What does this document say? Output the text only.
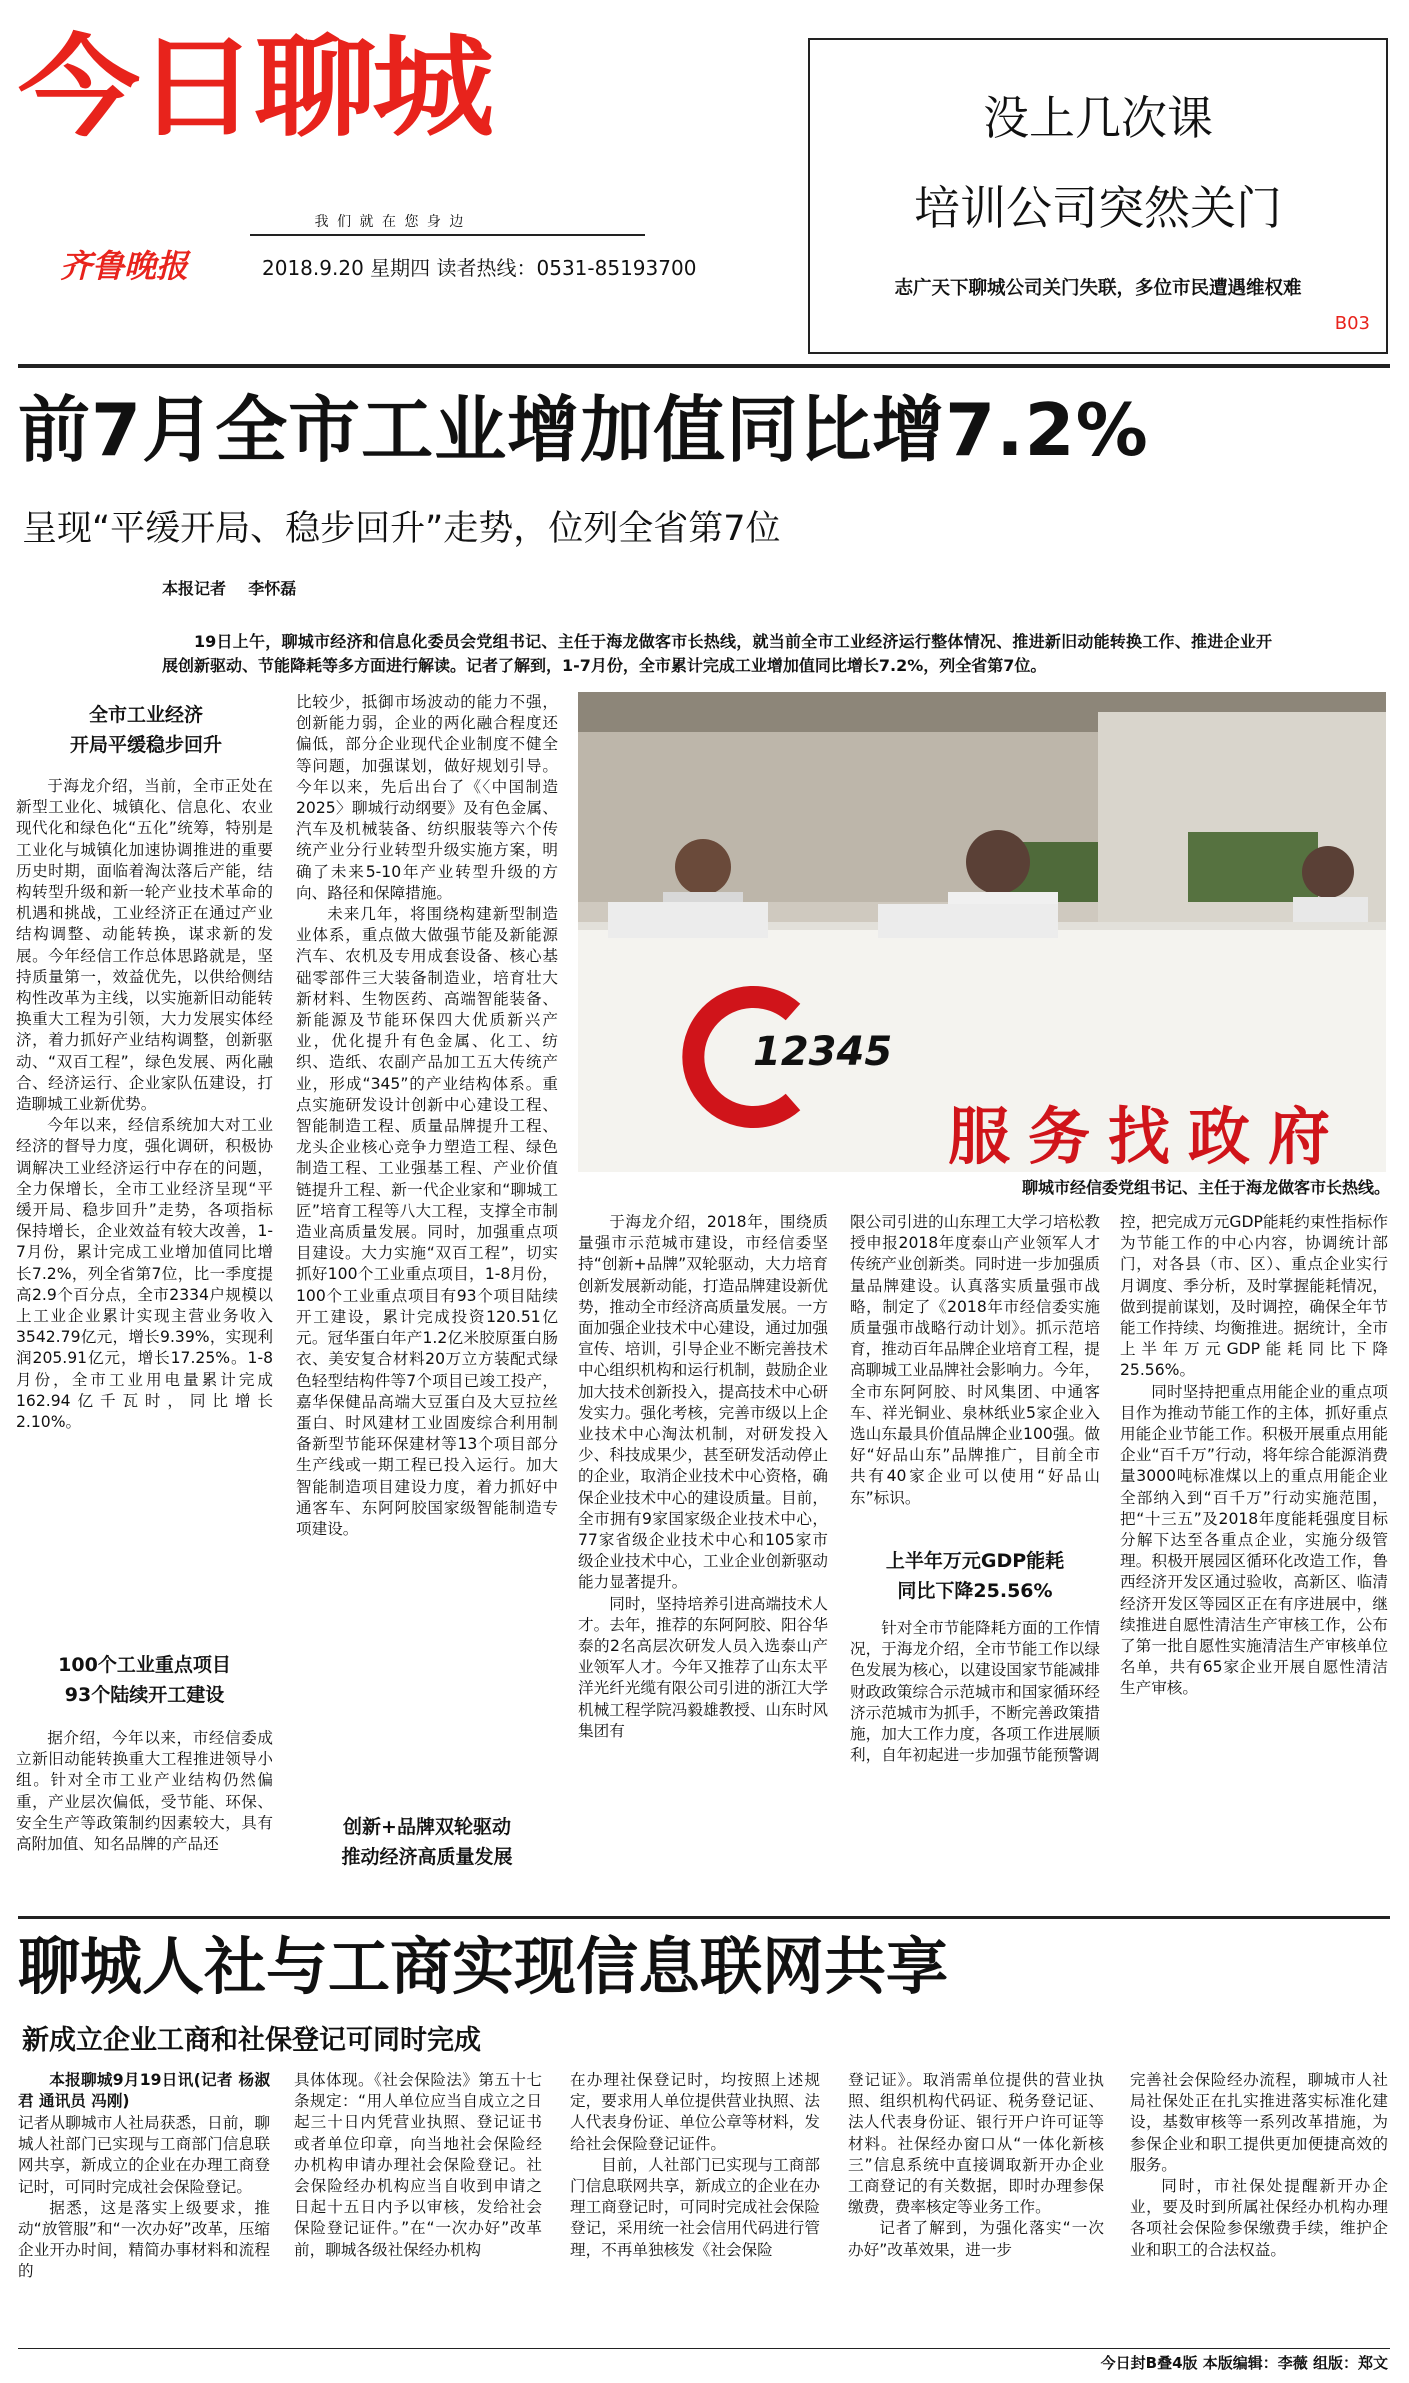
今日聊城
我 们 就 在 您 身 边
齐鲁晚报	2018.9.20 星期四 读者热线：0531-85193700
没上几次课
培训公司突然关门
志广天下聊城公司关门失联，多位市民遭遇维权难
B03
前7月全市工业增加值同比增7.2%
呈现“平缓开局、稳步回升”走势，位列全省第7位
本报记者    李怀磊
19日上午，聊城市经济和信息化委员会党组书记、主任于海龙做客市长热线，就当前全市工业经济运行整体情况、推进新旧动能转换工作、推进企业开展创新驱动、节能降耗等多方面进行解读。记者了解到，1-7月份，全市累计完成工业增加值同比增长7.2%，列全省第7位。
12345
服务找政府
聊城市经信委党组书记、主任于海龙做客市长热线。
全市工业经济
开局平缓稳步回升

于海龙介绍，当前，全市正处在新型工业化、城镇化、信息化、农业现代化和绿色化“五化”统筹，特别是工业化与城镇化加速协调推进的重要历史时期，面临着淘汰落后产能，结构转型升级和新一轮产业技术革命的机遇和挑战，工业经济正在通过产业结构调整、动能转换，谋求新的发展。今年经信工作总体思路就是，坚持质量第一，效益优先，以供给侧结构性改革为主线，以实施新旧动能转换重大工程为引领，大力发展实体经济，着力抓好产业结构调整，创新驱动、“双百工程”，绿色发展、两化融合、经济运行、企业家队伍建设，打造聊城工业新优势。

今年以来，经信系统加大对工业经济的督导力度，强化调研，积极协调解决工业经济运行中存在的问题，全力保增长，全市工业经济呈现“平缓开局、稳步回升”走势，各项指标保持增长，企业效益有较大改善，1-7月份，累计完成工业增加值同比增长7.2%，列全省第7位，比一季度提高2.9个百分点，全市2334户规模以上工业企业累计实现主营业务收入3542.79亿元，增长9.39%，实现利润205.91亿元，增长17.25%。1-8月份，全市工业用电量累计完成162.94亿千瓦时，同比增长2.10%。

100个工业重点项目
93个陆续开工建设

据介绍，今年以来，市经信委成立新旧动能转换重大工程推进领导小组。针对全市工业产业结构仍然偏重，产业层次偏低，受节能、环保、安全生产等政策制约因素较大，具有高附加值、知名品牌的产品还

比较少，抵御市场波动的能力不强，创新能力弱，企业的两化融合程度还偏低，部分企业现代企业制度不健全等问题，加强谋划，做好规划引导。今年以来，先后出台了《〈中国制造2025〉聊城行动纲要》及有色金属、汽车及机械装备、纺织服装等六个传统产业分行业转型升级实施方案，明确了未来5-10年产业转型升级的方向、路径和保障措施。

未来几年，将围绕构建新型制造业体系，重点做大做强节能及新能源汽车、农机及专用成套设备、核心基础零部件三大装备制造业，培育壮大新材料、生物医药、高端智能装备、新能源及节能环保四大优质新兴产业，优化提升有色金属、化工、纺织、造纸、农副产品加工五大传统产业，形成“345”的产业结构体系。重点实施研发设计创新中心建设工程、智能制造工程、质量品牌提升工程、龙头企业核心竞争力塑造工程、绿色制造工程、工业强基工程、产业价值链提升工程、新一代企业家和“聊城工匠”培育工程等八大工程，支撑全市制造业高质量发展。同时，加强重点项目建设。大力实施“双百工程”，切实抓好100个工业重点项目，1-8月份，100个工业重点项目有93个项目陆续开工建设，累计完成投资120.51亿元。冠华蛋白年产1.2亿米胶原蛋白肠衣、美安复合材料20万立方装配式绿色轻型结构件等7个项目已竣工投产，嘉华保健品高端大豆蛋白及大豆拉丝蛋白、时风建材工业固废综合利用制备新型节能环保建材等13个项目部分生产线或一期工程已投入运行。加大智能制造项目建设力度，着力抓好中通客车、东阿阿胶国家级智能制造专项建设。

创新+品牌双轮驱动
推动经济高质量发展

于海龙介绍，2018年，围绕质量强市示范城市建设，市经信委坚持“创新+品牌”双轮驱动，大力培育创新发展新动能，打造品牌建设新优势，推动全市经济高质量发展。一方面加强企业技术中心建设，通过加强宣传、培训，引导企业不断完善技术中心组织机构和运行机制，鼓励企业加大技术创新投入，提高技术中心研发实力。强化考核，完善市级以上企业技术中心淘汰机制，对研发投入少、科技成果少，甚至研发活动停止的企业，取消企业技术中心资格，确保企业技术中心的建设质量。目前，全市拥有9家国家级企业技术中心，77家省级企业技术中心和105家市级企业技术中心，工业企业创新驱动能力显著提升。

同时，坚持培养引进高端技术人才。去年，推荐的东阿阿胶、阳谷华泰的2名高层次研发人员入选泰山产业领军人才。今年又推荐了山东太平洋光纤光缆有限公司引进的浙江大学机械工程学院冯毅雄教授、山东时风集团有

限公司引进的山东理工大学刁培松教授申报2018年度泰山产业领军人才传统产业创新类。同时进一步加强质量品牌建设。认真落实质量强市战略，制定了《2018年市经信委实施质量强市战略行动计划》。抓示范培育，推动百年品牌企业培育工程，提高聊城工业品牌社会影响力。今年，全市东阿阿胶、时风集团、中通客车、祥光铜业、泉林纸业5家企业入选山东最具价值品牌企业100强。做好“好品山东”品牌推广，目前全市共有40家企业可以使用“好品山东”标识。

上半年万元GDP能耗
同比下降25.56%

针对全市节能降耗方面的工作情况，于海龙介绍，全市节能工作以绿色发展为核心，以建设国家节能减排财政政策综合示范城市和国家循环经济示范城市为抓手，不断完善政策措施，加大工作力度，各项工作进展顺利，自年初起进一步加强节能预警调

控，把完成万元GDP能耗约束性指标作为节能工作的中心内容，协调统计部门，对各县（市、区）、重点企业实行月调度、季分析，及时掌握能耗情况，做到提前谋划，及时调控，确保全年节能工作持续、均衡推进。据统计，全市上半年万元GDP能耗同比下降25.56%。

同时坚持把重点用能企业的重点项目作为推动节能工作的主体，抓好重点用能企业节能工作。积极开展重点用能企业“百千万”行动，将年综合能源消费量3000吨标准煤以上的重点用能企业全部纳入到“百千万”行动实施范围，把“十三五”及2018年度能耗强度目标分解下达至各重点企业，实施分级管理。积极开展园区循环化改造工作，鲁西经济开发区通过验收，高新区、临清经济开发区等园区正在有序进展中，继续推进自愿性清洁生产审核工作，公布了第一批自愿性实施清洁生产审核单位名单，共有65家企业开展自愿性清洁生产审核。

聊城人社与工商实现信息联网共享
新成立企业工商和社保登记可同时完成
本报聊城9月19日讯(记者 杨淑君 通讯员 冯刚)

记者从聊城市人社局获悉，日前，聊城人社部门已实现与工商部门信息联网共享，新成立的企业在办理工商登记时，可同时完成社会保险登记。

据悉，这是落实上级要求，推动“放管服”和“一次办好”改革，压缩企业开办时间，精简办事材料和流程的

具体体现。《社会保险法》第五十七条规定：“用人单位应当自成立之日起三十日内凭营业执照、登记证书或者单位印章，向当地社会保险经办机构申请办理社会保险登记。社会保险经办机构应当自收到申请之日起十五日内予以审核，发给社会保险登记证件。”在“一次办好”改革前，聊城各级社保经办机构

在办理社保登记时，均按照上述规定，要求用人单位提供营业执照、法人代表身份证、单位公章等材料，发给社会保险登记证件。

目前，人社部门已实现与工商部门信息联网共享，新成立的企业在办理工商登记时，可同时完成社会保险登记，采用统一社会信用代码进行管理，不再单独核发《社会保险

登记证》。取消需单位提供的营业执照、组织机构代码证、税务登记证、法人代表身份证、银行开户许可证等材料。社保经办窗口从“一体化新核三”信息系统中直接调取新开办企业工商登记的有关数据，即时办理参保缴费，费率核定等业务工作。

记者了解到，为强化落实“一次办好”改革效果，进一步

完善社会保险经办流程，聊城市人社局社保处正在扎实推进落实标准化建设，基数审核等一系列改革措施，为参保企业和职工提供更加便捷高效的服务。

同时，市社保处提醒新开办企业，要及时到所属社保经办机构办理各项社会保险参保缴费手续，维护企业和职工的合法权益。

今日封B叠4版 本版编辑：李薇 组版：郑文
